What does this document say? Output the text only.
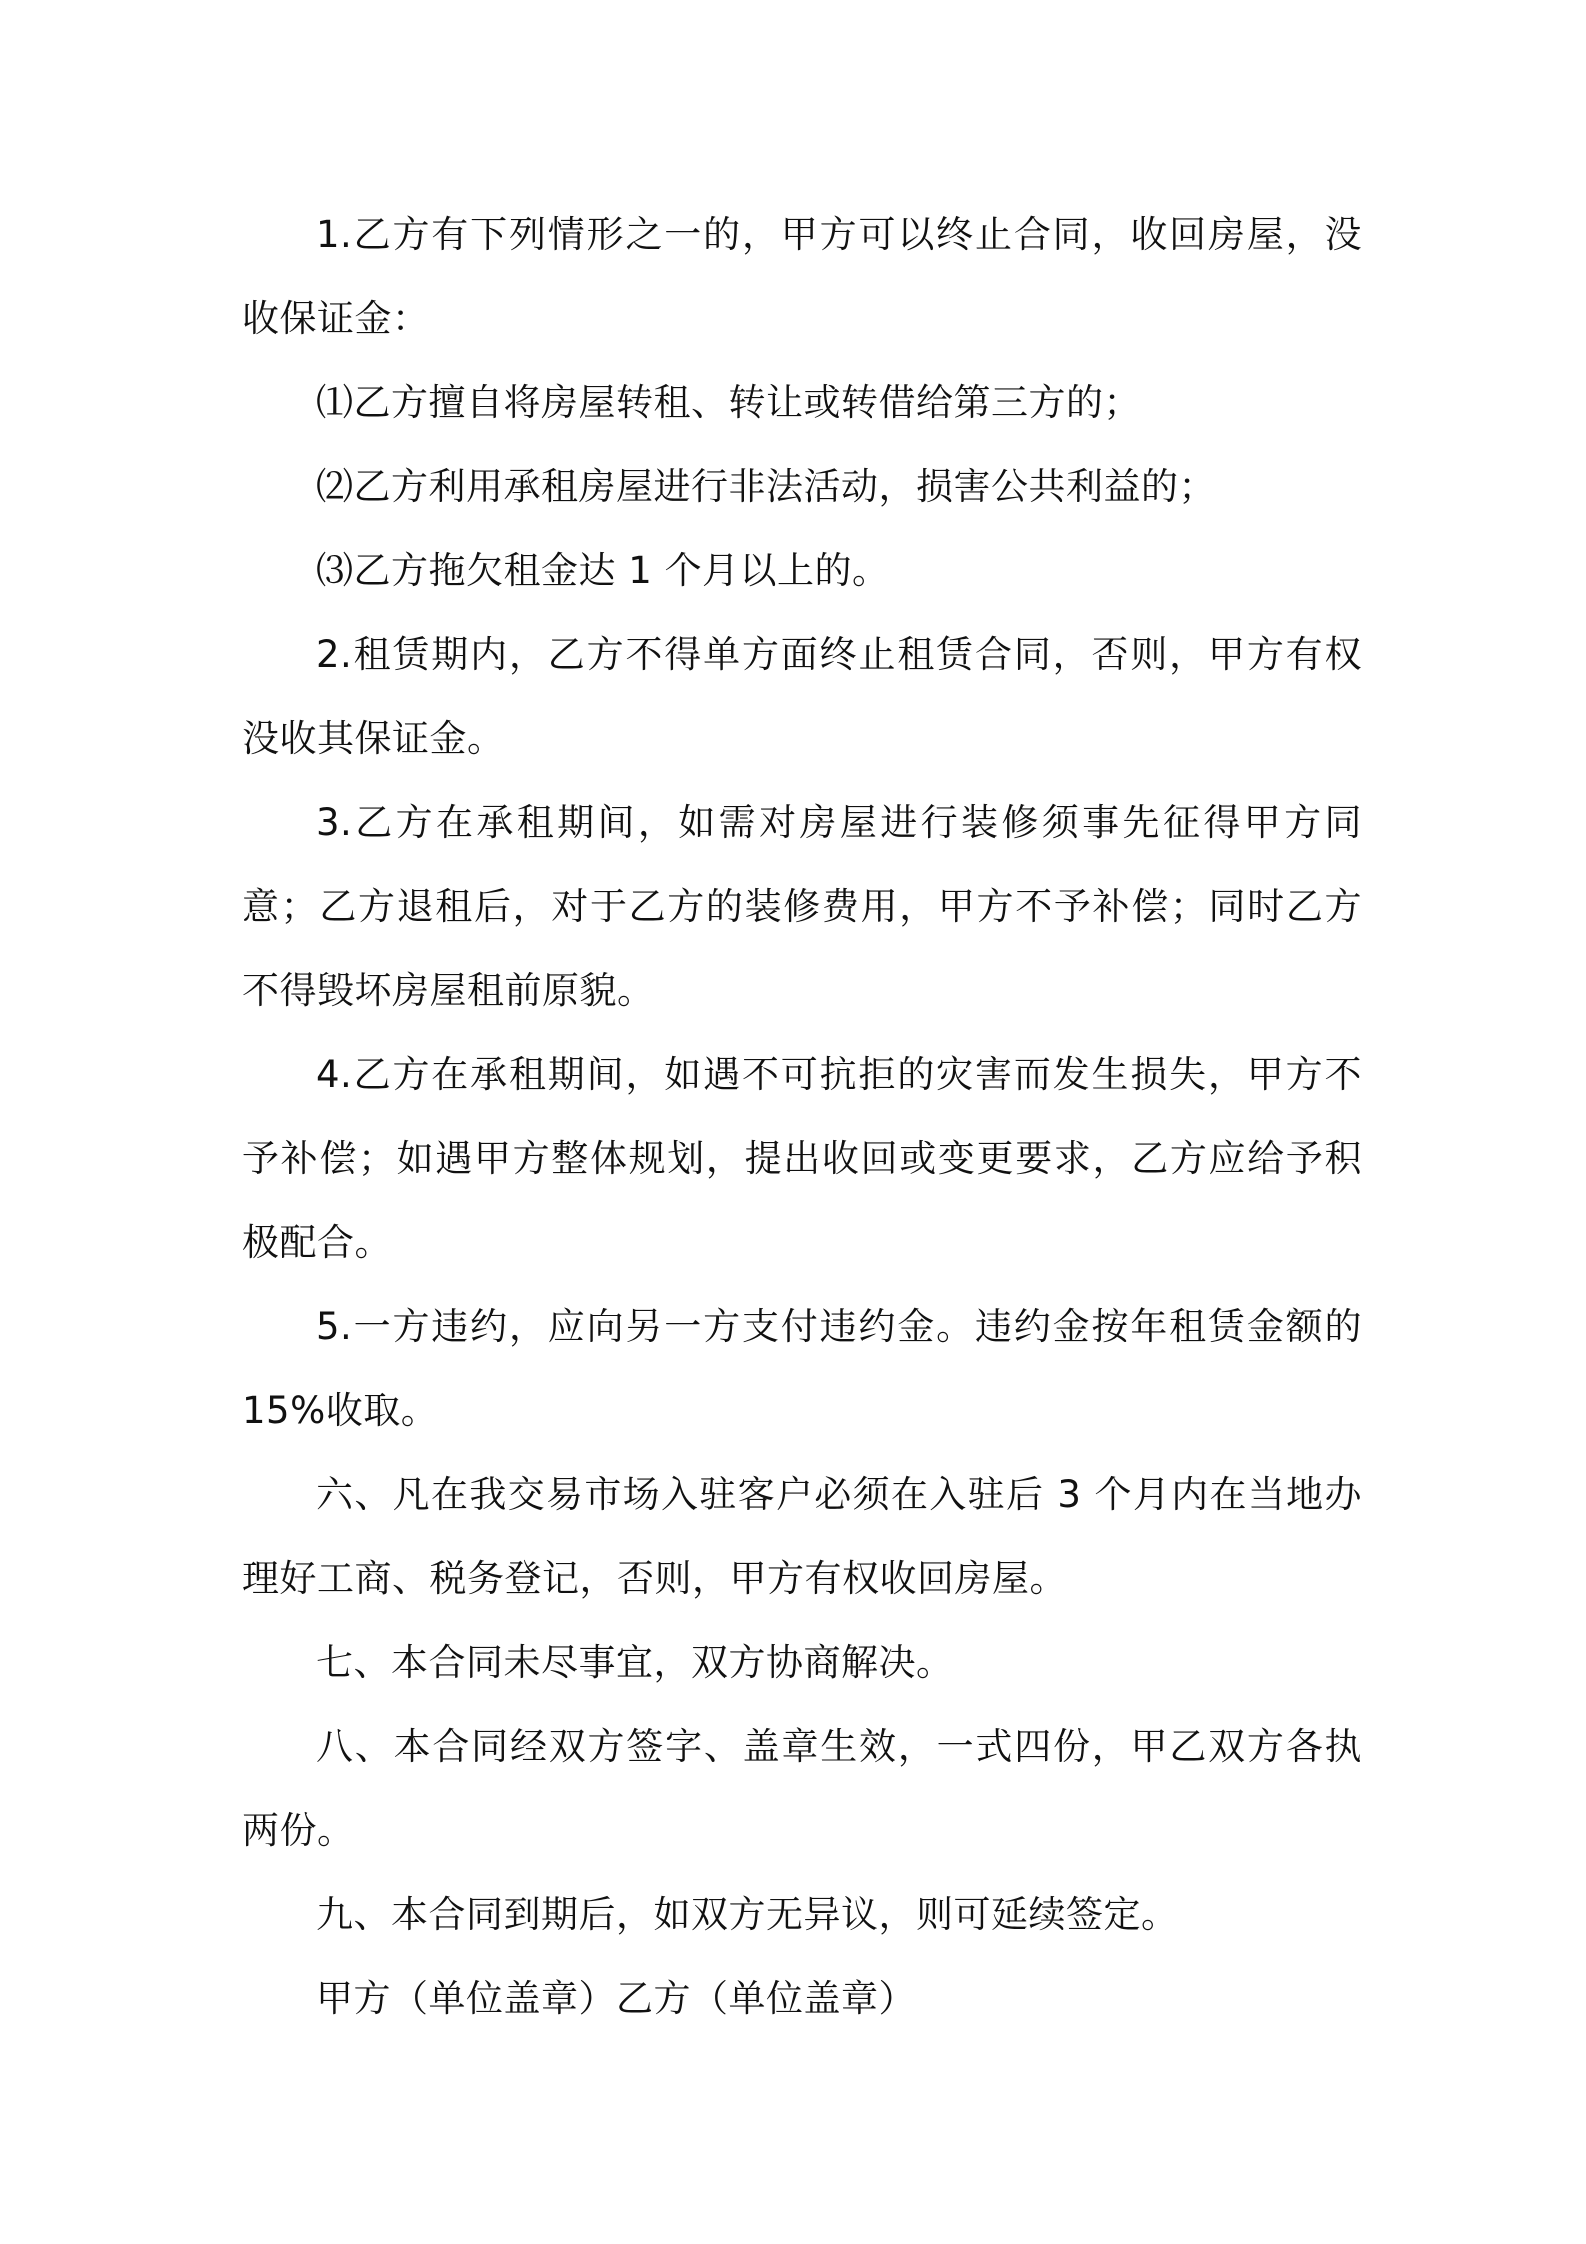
1.乙方有下列情形之一的，甲方可以终止合同，收回房屋，没收保证金：

⑴乙方擅自将房屋转租、转让或转借给第三方的；

⑵乙方利用承租房屋进行非法活动，损害公共利益的；

⑶乙方拖欠租金达 1 个月以上的。

2.租赁期内，乙方不得单方面终止租赁合同，否则，甲方有权没收其保证金。

3.乙方在承租期间，如需对房屋进行装修须事先征得甲方同意；乙方退租后，对于乙方的装修费用，甲方不予补偿；同时乙方不得毁坏房屋租前原貌。

4.乙方在承租期间，如遇不可抗拒的灾害而发生损失，甲方不予补偿；如遇甲方整体规划，提出收回或变更要求，乙方应给予积极配合。

5.一方违约，应向另一方支付违约金。违约金按年租赁金额的 15%收取。

六、凡在我交易市场入驻客户必须在入驻后 3 个月内在当地办理好工商、税务登记，否则，甲方有权收回房屋。

七、本合同未尽事宜，双方协商解决。

八、本合同经双方签字、盖章生效，一式四份，甲乙双方各执两份。

九、本合同到期后，如双方无异议，则可延续签定。

甲方（单位盖章）乙方（单位盖章）
